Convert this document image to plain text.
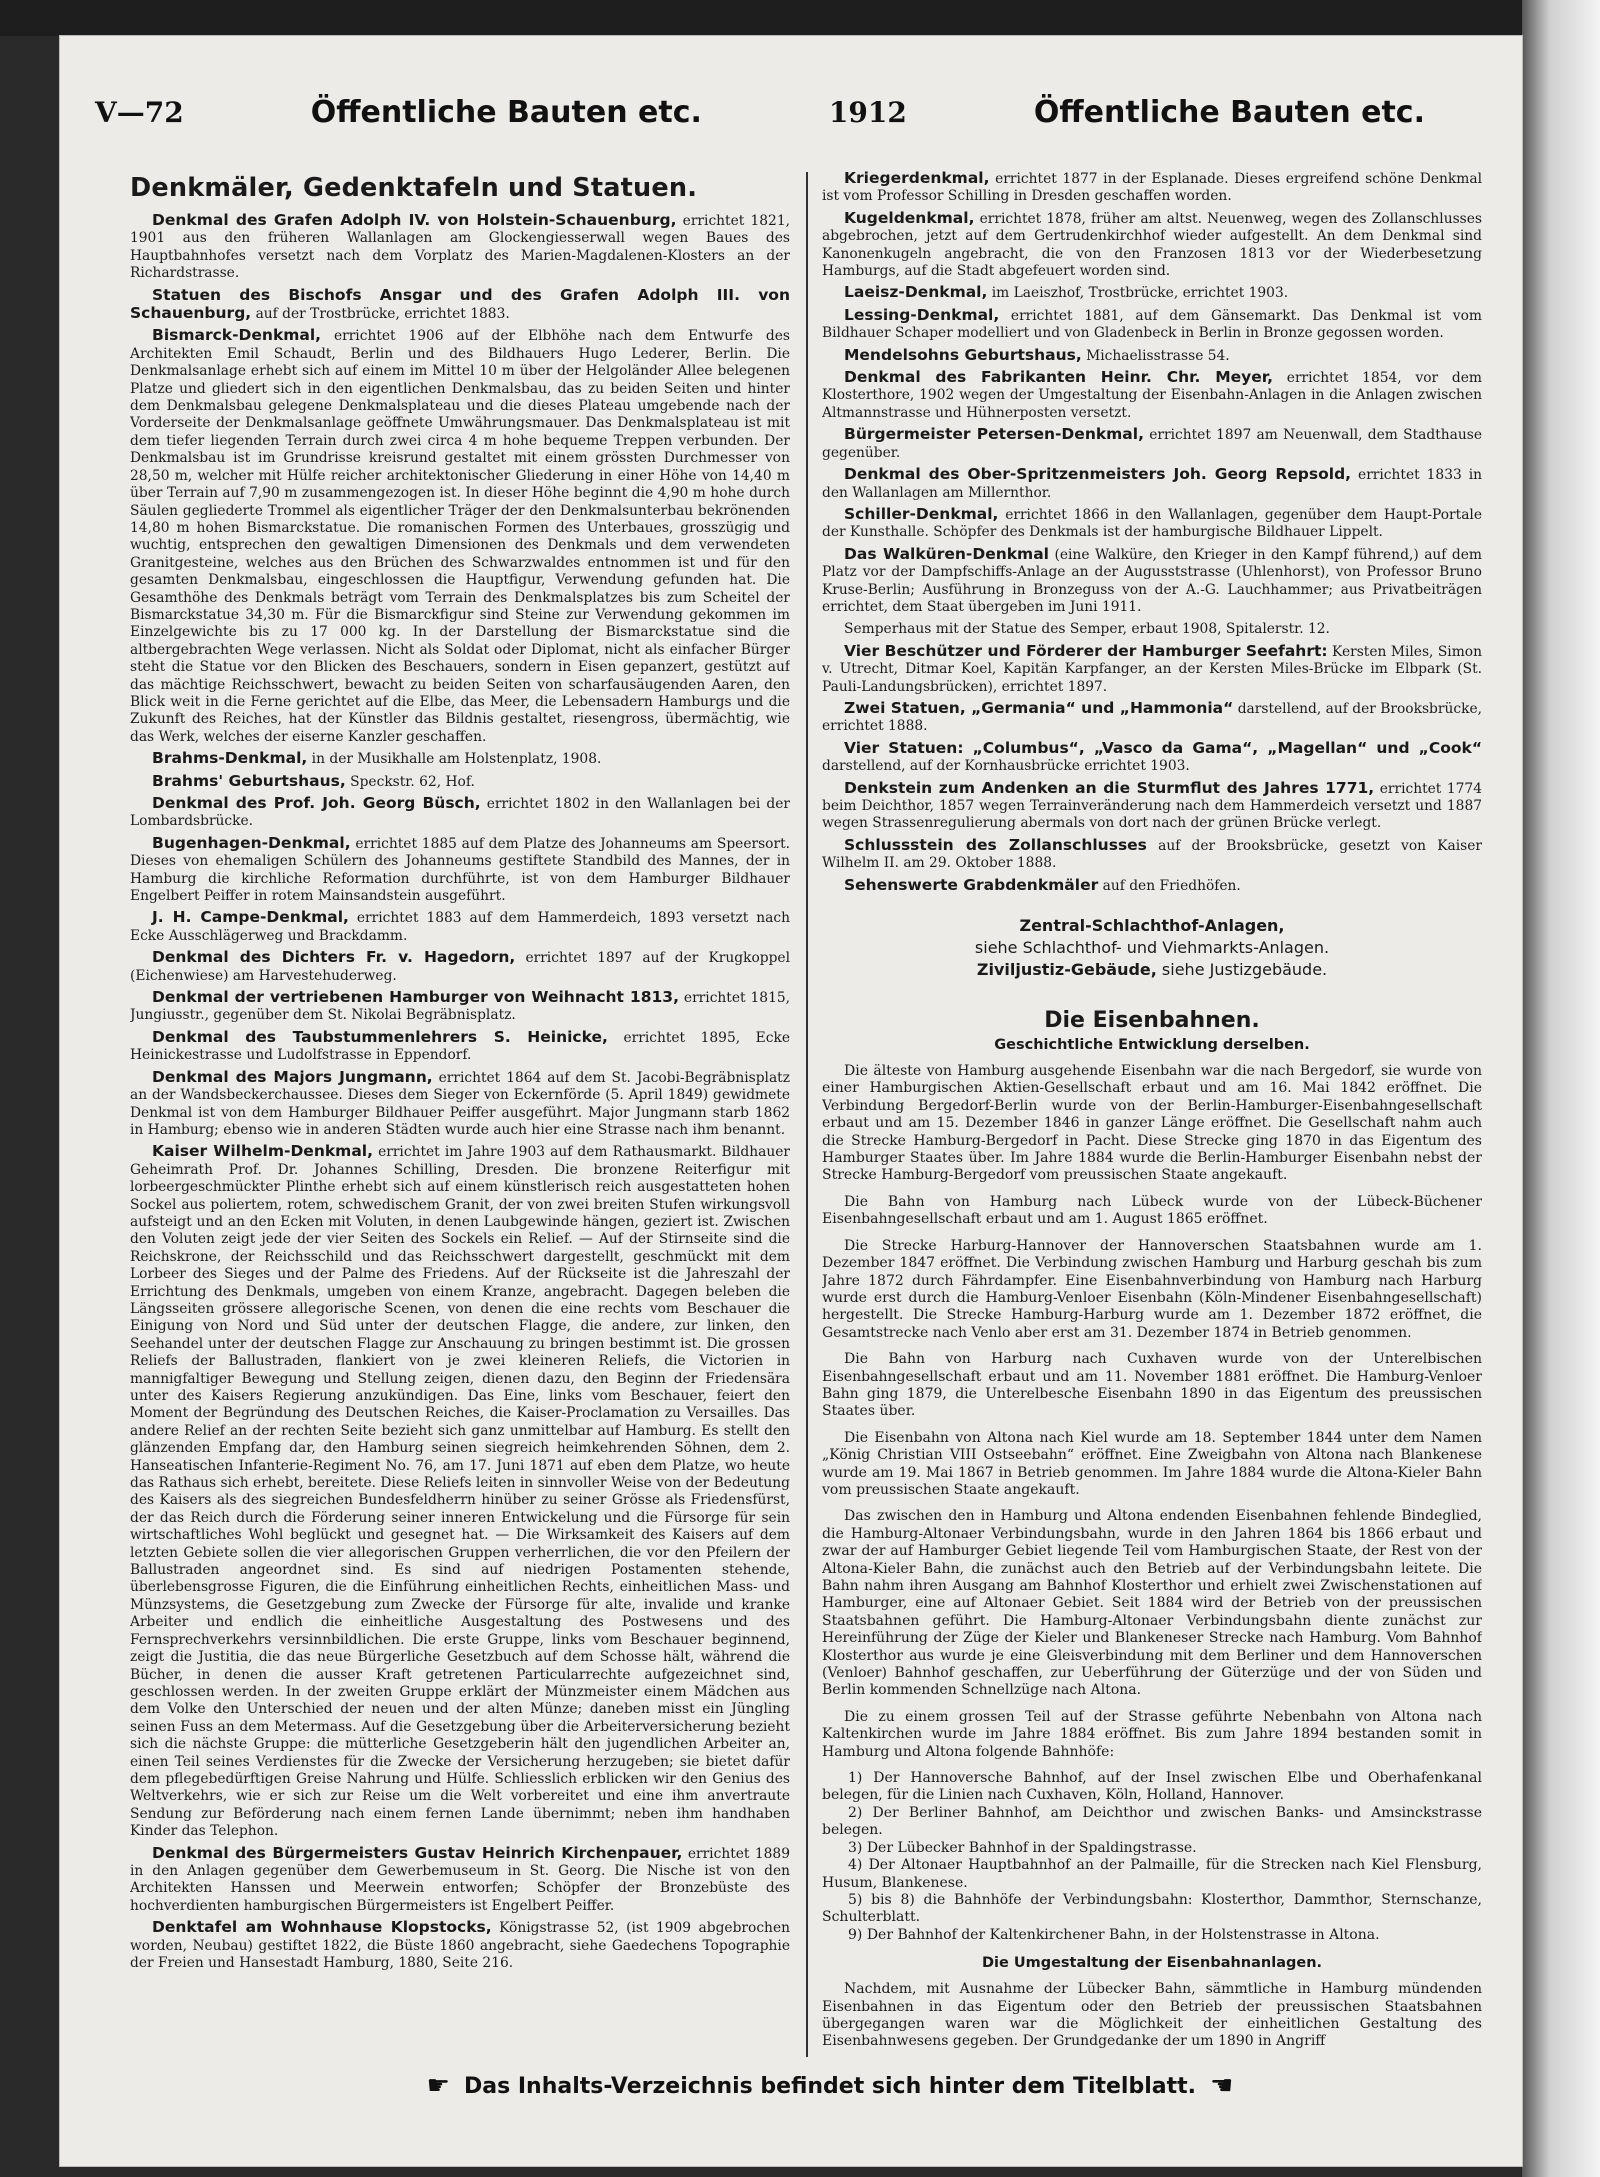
V—72	Öffentliche Bauten etc.	1912	Öffentliche Bauten etc.
Denkmäler, Gedenktafeln und Statuen.
Denkmal des Grafen Adolph IV. von Holstein-Schauenburg, errichtet 1821, 1901 aus den früheren Wallanlagen am Glockengiesserwall wegen Baues des Hauptbahnhofes versetzt nach dem Vorplatz des Marien-Magdalenen-Klosters an der Richardstrasse.
Statuen des Bischofs Ansgar und des Grafen Adolph III. von Schauenburg, auf der Trostbrücke, errichtet 1883.
Bismarck-Denkmal, errichtet 1906 auf der Elbhöhe nach dem Entwurfe des Architekten Emil Schaudt, Berlin und des Bildhauers Hugo Lederer, Berlin. Die Denkmalsanlage erhebt sich auf einem im Mittel 10 m über der Helgoländer Allee belegenen Platze und gliedert sich in den eigentlichen Denkmalsbau, das zu beiden Seiten und hinter dem Denkmalsbau gelegene Denkmalsplateau und die dieses Plateau umgebende nach der Vorderseite der Denkmalsanlage geöffnete Umwährungsmauer. Das Denkmalsplateau ist mit dem tiefer liegenden Terrain durch zwei circa 4 m hohe bequeme Treppen verbunden. Der Denkmalsbau ist im Grundrisse kreisrund gestaltet mit einem grössten Durchmesser von 28,50 m, welcher mit Hülfe reicher architektonischer Gliederung in einer Höhe von 14,40 m über Terrain auf 7,90 m zusammengezogen ist. In dieser Höhe beginnt die 4,90 m hohe durch Säulen gegliederte Trommel als eigentlicher Träger der den Denkmalsunterbau bekrönenden 14,80 m hohen Bismarckstatue. Die romanischen Formen des Unterbaues, grosszügig und wuchtig, entsprechen den gewaltigen Dimensionen des Denkmals und dem verwendeten Granitgesteine, welches aus den Brüchen des Schwarzwaldes entnommen ist und für den gesamten Denkmalsbau, eingeschlossen die Hauptfigur, Verwendung gefunden hat. Die Gesamthöhe des Denkmals beträgt vom Terrain des Denkmalsplatzes bis zum Scheitel der Bismarckstatue 34,30 m. Für die Bismarckfigur sind Steine zur Verwendung gekommen im Einzelgewichte bis zu 17 000 kg. In der Darstellung der Bismarckstatue sind die altbergebrachten Wege verlassen. Nicht als Soldat oder Diplomat, nicht als einfacher Bürger steht die Statue vor den Blicken des Beschauers, sondern in Eisen gepanzert, gestützt auf das mächtige Reichsschwert, bewacht zu beiden Seiten von scharfausäugenden Aaren, den Blick weit in die Ferne gerichtet auf die Elbe, das Meer, die Lebensadern Hamburgs und die Zukunft des Reiches, hat der Künstler das Bildnis gestaltet, riesengross, übermächtig, wie das Werk, welches der eiserne Kanzler geschaffen.
Brahms-Denkmal, in der Musikhalle am Holstenplatz, 1908.
Brahms' Geburtshaus, Speckstr. 62, Hof.
Denkmal des Prof. Joh. Georg Büsch, errichtet 1802 in den Wallanlagen bei der Lombardsbrücke.
Bugenhagen-Denkmal, errichtet 1885 auf dem Platze des Johanneums am Speersort. Dieses von ehemaligen Schülern des Johanneums gestiftete Standbild des Mannes, der in Hamburg die kirchliche Reformation durchführte, ist von dem Hamburger Bildhauer Engelbert Peiffer in rotem Mainsandstein ausgeführt.
J. H. Campe-Denkmal, errichtet 1883 auf dem Hammerdeich, 1893 versetzt nach Ecke Ausschlägerweg und Brackdamm.
Denkmal des Dichters Fr. v. Hagedorn, errichtet 1897 auf der Krugkoppel (Eichenwiese) am Harvestehuderweg.
Denkmal der vertriebenen Hamburger von Weihnacht 1813, errichtet 1815, Jungiusstr., gegenüber dem St. Nikolai Begräbnisplatz.
Denkmal des Taubstummenlehrers S. Heinicke, errichtet 1895, Ecke Heinickestrasse und Ludolfstrasse in Eppendorf.
Denkmal des Majors Jungmann, errichtet 1864 auf dem St. Jacobi-Begräbnisplatz an der Wandsbeckerchaussee. Dieses dem Sieger von Eckernförde (5. April 1849) gewidmete Denkmal ist von dem Hamburger Bildhauer Peiffer ausgeführt. Major Jungmann starb 1862 in Hamburg; ebenso wie in anderen Städten wurde auch hier eine Strasse nach ihm benannt.
Kaiser Wilhelm-Denkmal, errichtet im Jahre 1903 auf dem Rathausmarkt. Bildhauer Geheimrath Prof. Dr. Johannes Schilling, Dresden. Die bronzene Reiterfigur mit lorbeergeschmückter Plinthe erhebt sich auf einem künstlerisch reich ausgestatteten hohen Sockel aus poliertem, rotem, schwedischem Granit, der von zwei breiten Stufen wirkungsvoll aufsteigt und an den Ecken mit Voluten, in denen Laubgewinde hängen, geziert ist. Zwischen den Voluten zeigt jede der vier Seiten des Sockels ein Relief. — Auf der Stirnseite sind die Reichskrone, der Reichsschild und das Reichsschwert dargestellt, geschmückt mit dem Lorbeer des Sieges und der Palme des Friedens. Auf der Rückseite ist die Jahreszahl der Errichtung des Denkmals, umgeben von einem Kranze, angebracht. Dagegen beleben die Längsseiten grössere allegorische Scenen, von denen die eine rechts vom Beschauer die Einigung von Nord und Süd unter der deutschen Flagge, die andere, zur linken, den Seehandel unter der deutschen Flagge zur Anschauung zu bringen bestimmt ist. Die grossen Reliefs der Ballustraden, flankiert von je zwei kleineren Reliefs, die Victorien in mannigfaltiger Bewegung und Stellung zeigen, dienen dazu, den Beginn der Friedensära unter des Kaisers Regierung anzukündigen. Das Eine, links vom Beschauer, feiert den Moment der Begründung des Deutschen Reiches, die Kaiser-Proclamation zu Versailles. Das andere Relief an der rechten Seite bezieht sich ganz unmittelbar auf Hamburg. Es stellt den glänzenden Empfang dar, den Hamburg seinen siegreich heimkehrenden Söhnen, dem 2. Hanseatischen Infanterie-Regiment No. 76, am 17. Juni 1871 auf eben dem Platze, wo heute das Rathaus sich erhebt, bereitete. Diese Reliefs leiten in sinnvoller Weise von der Bedeutung des Kaisers als des siegreichen Bundesfeldherrn hinüber zu seiner Grösse als Friedensfürst, der das Reich durch die Förderung seiner inneren Entwickelung und die Fürsorge für sein wirtschaftliches Wohl beglückt und gesegnet hat. — Die Wirksamkeit des Kaisers auf dem letzten Gebiete sollen die vier allegorischen Gruppen verherrlichen, die vor den Pfeilern der Ballustraden angeordnet sind. Es sind auf niedrigen Postamenten stehende, überlebensgrosse Figuren, die die Einführung einheitlichen Rechts, einheitlichen Mass- und Münzsystems, die Gesetzgebung zum Zwecke der Fürsorge für alte, invalide und kranke Arbeiter und endlich die einheitliche Ausgestaltung des Postwesens und des Fernsprechverkehrs versinnbildlichen. Die erste Gruppe, links vom Beschauer beginnend, zeigt die Justitia, die das neue Bürgerliche Gesetzbuch auf dem Schosse hält, während die Bücher, in denen die ausser Kraft getretenen Particularrechte aufgezeichnet sind, geschlossen werden. In der zweiten Gruppe erklärt der Münzmeister einem Mädchen aus dem Volke den Unterschied der neuen und der alten Münze; daneben misst ein Jüngling seinen Fuss an dem Metermass. Auf die Gesetzgebung über die Arbeiterversicherung bezieht sich die nächste Gruppe: die mütterliche Gesetzgeberin hält den jugendlichen Arbeiter an, einen Teil seines Verdienstes für die Zwecke der Versicherung herzugeben; sie bietet dafür dem pflegebedürftigen Greise Nahrung und Hülfe. Schliesslich erblicken wir den Genius des Weltverkehrs, wie er sich zur Reise um die Welt vorbereitet und eine ihm anvertraute Sendung zur Beförderung nach einem fernen Lande übernimmt; neben ihm handhaben Kinder das Telephon.
Denkmal des Bürgermeisters Gustav Heinrich Kirchenpauer, errichtet 1889 in den Anlagen gegenüber dem Gewerbemuseum in St. Georg. Die Nische ist von den Architekten Hanssen und Meerwein entworfen; Schöpfer der Bronzebüste des hochverdienten hamburgischen Bürgermeisters ist Engelbert Peiffer.
Denktafel am Wohnhause Klopstocks, Königstrasse 52, (ist 1909 abgebrochen worden, Neubau) gestiftet 1822, die Büste 1860 angebracht, siehe Gaedechens Topographie der Freien und Hansestadt Hamburg, 1880, Seite 216.
Kriegerdenkmal, errichtet 1877 in der Esplanade. Dieses ergreifend schöne Denkmal ist vom Professor Schilling in Dresden geschaffen worden.
Kugeldenkmal, errichtet 1878, früher am altst. Neuenweg, wegen des Zollanschlusses abgebrochen, jetzt auf dem Gertrudenkirchhof wieder aufgestellt. An dem Denkmal sind Kanonenkugeln angebracht, die von den Franzosen 1813 vor der Wiederbesetzung Hamburgs, auf die Stadt abgefeuert worden sind.
Laeisz-Denkmal, im Laeiszhof, Trostbrücke, errichtet 1903.
Lessing-Denkmal, errichtet 1881, auf dem Gänsemarkt. Das Denkmal ist vom Bildhauer Schaper modelliert und von Gladenbeck in Berlin in Bronze gegossen worden.
Mendelsohns Geburtshaus, Michaelisstrasse 54.
Denkmal des Fabrikanten Heinr. Chr. Meyer, errichtet 1854, vor dem Klosterthore, 1902 wegen der Umgestaltung der Eisenbahn-Anlagen in die Anlagen zwischen Altmannstrasse und Hühnerposten versetzt.
Bürgermeister Petersen-Denkmal, errichtet 1897 am Neuenwall, dem Stadthause gegenüber.
Denkmal des Ober-Spritzenmeisters Joh. Georg Repsold, errichtet 1833 in den Wallanlagen am Millernthor.
Schiller-Denkmal, errichtet 1866 in den Wallanlagen, gegenüber dem Haupt-Portale der Kunsthalle. Schöpfer des Denkmals ist der hamburgische Bildhauer Lippelt.
Das Walküren-Denkmal (eine Walküre, den Krieger in den Kampf führend,) auf dem Platz vor der Dampfschiffs-Anlage an der Augusststrasse (Uhlenhorst), von Professor Bruno Kruse-Berlin; Ausführung in Bronzeguss von der A.-G. Lauchhammer; aus Privatbeiträgen errichtet, dem Staat übergeben im Juni 1911.
Semperhaus mit der Statue des Semper, erbaut 1908, Spitalerstr. 12.
Vier Beschützer und Förderer der Hamburger Seefahrt: Kersten Miles, Simon v. Utrecht, Ditmar Koel, Kapitän Karpfanger, an der Kersten Miles-Brücke im Elbpark (St. Pauli-Landungsbrücken), errichtet 1897.
Zwei Statuen, „Germania“ und „Hammonia“ darstellend, auf der Brooksbrücke, errichtet 1888.
Vier Statuen: „Columbus“, „Vasco da Gama“, „Magellan“ und „Cook“ darstellend, auf der Kornhausbrücke errichtet 1903.
Denkstein zum Andenken an die Sturmflut des Jahres 1771, errichtet 1774 beim Deichthor, 1857 wegen Terrainveränderung nach dem Hammerdeich versetzt und 1887 wegen Strassenregulierung abermals von dort nach der grünen Brücke verlegt.
Schlussstein des Zollanschlusses auf der Brooksbrücke, gesetzt von Kaiser Wilhelm II. am 29. Oktober 1888.
Sehenswerte Grabdenkmäler auf den Friedhöfen.
Zentral-Schlachthof-Anlagen,
siehe Schlachthof- und Viehmarkts-Anlagen.
Ziviljustiz-Gebäude, siehe Justizgebäude.
Die Eisenbahnen.
Geschichtliche Entwicklung derselben.
Die älteste von Hamburg ausgehende Eisenbahn war die nach Bergedorf, sie wurde von einer Hamburgischen Aktien-Gesellschaft erbaut und am 16. Mai 1842 eröffnet. Die Verbindung Bergedorf-Berlin wurde von der Berlin-Hamburger-Eisenbahngesellschaft erbaut und am 15. Dezember 1846 in ganzer Länge eröffnet. Die Gesellschaft nahm auch die Strecke Hamburg-Bergedorf in Pacht. Diese Strecke ging 1870 in das Eigentum des Hamburger Staates über. Im Jahre 1884 wurde die Berlin-Hamburger Eisenbahn nebst der Strecke Hamburg-Bergedorf vom preussischen Staate angekauft.
Die Bahn von Hamburg nach Lübeck wurde von der Lübeck-Büchener Eisenbahngesellschaft erbaut und am 1. August 1865 eröffnet.
Die Strecke Harburg-Hannover der Hannoverschen Staatsbahnen wurde am 1. Dezember 1847 eröffnet. Die Verbindung zwischen Hamburg und Harburg geschah bis zum Jahre 1872 durch Fährdampfer. Eine Eisenbahnverbindung von Hamburg nach Harburg wurde erst durch die Hamburg-Venloer Eisenbahn (Köln-Mindener Eisenbahngesellschaft) hergestellt. Die Strecke Hamburg-Harburg wurde am 1. Dezember 1872 eröffnet, die Gesamtstrecke nach Venlo aber erst am 31. Dezember 1874 in Betrieb genommen.
Die Bahn von Harburg nach Cuxhaven wurde von der Unterelbischen Eisenbahngesellschaft erbaut und am 11. November 1881 eröffnet. Die Hamburg-Venloer Bahn ging 1879, die Unterelbesche Eisenbahn 1890 in das Eigentum des preussischen Staates über.
Die Eisenbahn von Altona nach Kiel wurde am 18. September 1844 unter dem Namen „König Christian VIII Ostseebahn“ eröffnet. Eine Zweigbahn von Altona nach Blankenese wurde am 19. Mai 1867 in Betrieb genommen. Im Jahre 1884 wurde die Altona-Kieler Bahn vom preussischen Staate angekauft.
Das zwischen den in Hamburg und Altona endenden Eisenbahnen fehlende Bindeglied, die Hamburg-Altonaer Verbindungsbahn, wurde in den Jahren 1864 bis 1866 erbaut und zwar der auf Hamburger Gebiet liegende Teil vom Hamburgischen Staate, der Rest von der Altona-Kieler Bahn, die zunächst auch den Betrieb auf der Verbindungsbahn leitete. Die Bahn nahm ihren Ausgang am Bahnhof Klosterthor und erhielt zwei Zwischenstationen auf Hamburger, eine auf Altonaer Gebiet. Seit 1884 wird der Betrieb von der preussischen Staatsbahnen geführt. Die Hamburg-Altonaer Verbindungsbahn diente zunächst zur Hereinführung der Züge der Kieler und Blankeneser Strecke nach Hamburg. Vom Bahnhof Klosterthor aus wurde je eine Gleisverbindung mit dem Berliner und dem Hannoverschen (Venloer) Bahnhof geschaffen, zur Ueberführung der Güterzüge und der von Süden und Berlin kommenden Schnellzüge nach Altona.
Die zu einem grossen Teil auf der Strasse geführte Nebenbahn von Altona nach Kaltenkirchen wurde im Jahre 1884 eröffnet. Bis zum Jahre 1894 bestanden somit in Hamburg und Altona folgende Bahnhöfe:
1) Der Hannoversche Bahnhof, auf der Insel zwischen Elbe und Oberhafenkanal belegen, für die Linien nach Cuxhaven, Köln, Holland, Hannover.
2) Der Berliner Bahnhof, am Deichthor und zwischen Banks- und Amsinckstrasse belegen.
3) Der Lübecker Bahnhof in der Spaldingstrasse.
4) Der Altonaer Hauptbahnhof an der Palmaille, für die Strecken nach Kiel Flensburg, Husum, Blankenese.
5) bis 8) die Bahnhöfe der Verbindungsbahn: Klosterthor, Dammthor, Sternschanze, Schulterblatt.
9) Der Bahnhof der Kaltenkirchener Bahn, in der Holstenstrasse in Altona.
Die Umgestaltung der Eisenbahnanlagen.
Nachdem, mit Ausnahme der Lübecker Bahn, sämmtliche in Hamburg mündenden Eisenbahnen in das Eigentum oder den Betrieb der preussischen Staatsbahnen übergegangen waren war die Möglichkeit der einheitlichen Gestaltung des Eisenbahnwesens gegeben. Der Grundgedanke der um 1890 in Angriff
☛ Das Inhalts-Verzeichnis befindet sich hinter dem Titelblatt. ☚
